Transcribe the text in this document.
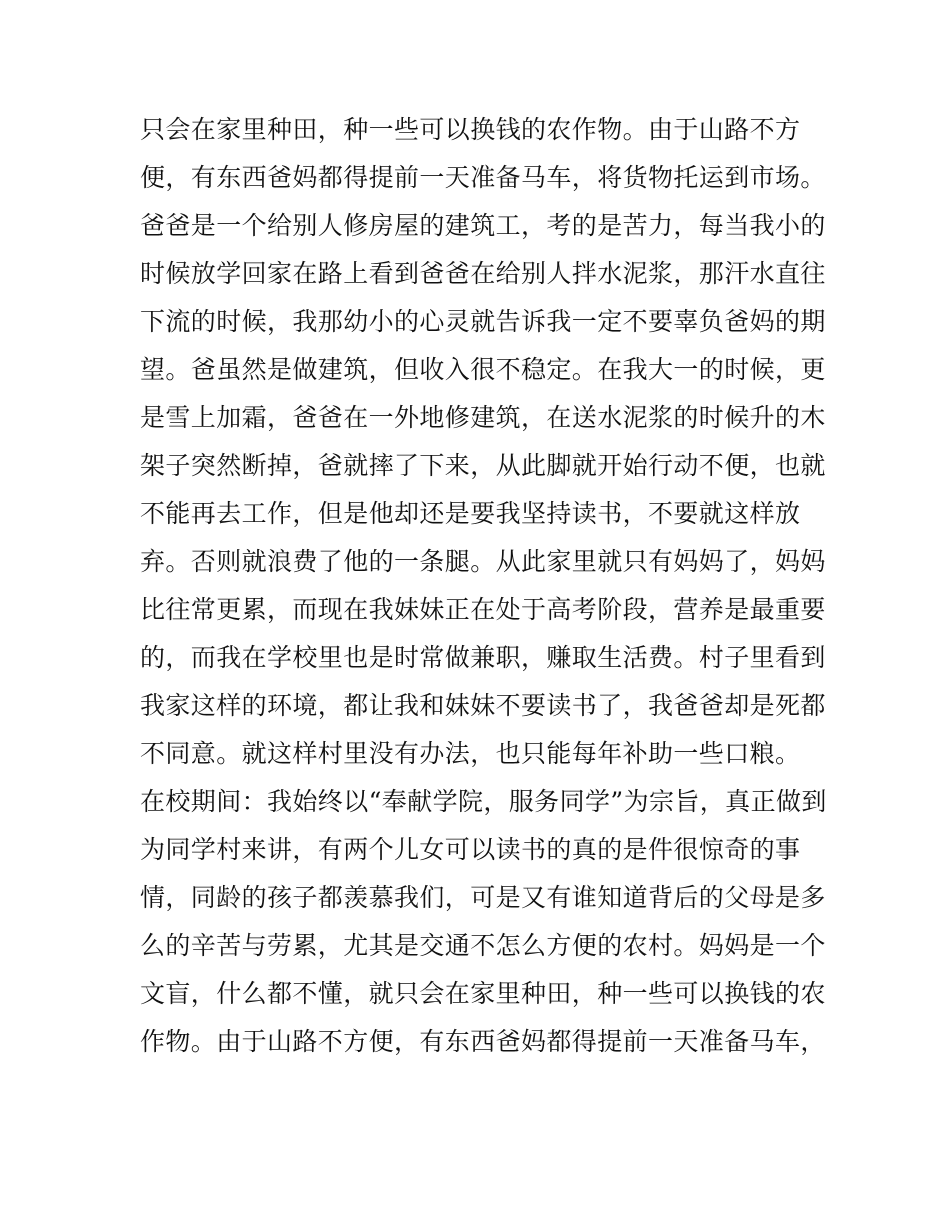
只会在家里种田，种一些可以换钱的农作物。由于山路不方
便，有东西爸妈都得提前一天准备马车，将货物托运到市场。
爸爸是一个给别人修房屋的建筑工，考的是苦力，每当我小的
时候放学回家在路上看到爸爸在给别人拌水泥浆，那汗水直往
下流的时候，我那幼小的心灵就告诉我一定不要辜负爸妈的期
望。爸虽然是做建筑，但收入很不稳定。在我大一的时候，更
是雪上加霜，爸爸在一外地修建筑，在送水泥浆的时候升的木
架子突然断掉，爸就摔了下来，从此脚就开始行动不便，也就
不能再去工作，但是他却还是要我坚持读书，不要就这样放
弃。否则就浪费了他的一条腿。从此家里就只有妈妈了，妈妈
比往常更累，而现在我妹妹正在处于高考阶段，营养是最重要
的，而我在学校里也是时常做兼职，赚取生活费。村子里看到
我家这样的环境，都让我和妹妹不要读书了，我爸爸却是死都
不同意。就这样村里没有办法，也只能每年补助一些口粮。
在校期间：我始终以“奉献学院，服务同学”为宗旨，真正做到
为同学村来讲，有两个儿女可以读书的真的是件很惊奇的事
情，同龄的孩子都羡慕我们，可是又有谁知道背后的父母是多
么的辛苦与劳累，尤其是交通不怎么方便的农村。妈妈是一个
文盲，什么都不懂，就只会在家里种田，种一些可以换钱的农
作物。由于山路不方便，有东西爸妈都得提前一天准备马车，
